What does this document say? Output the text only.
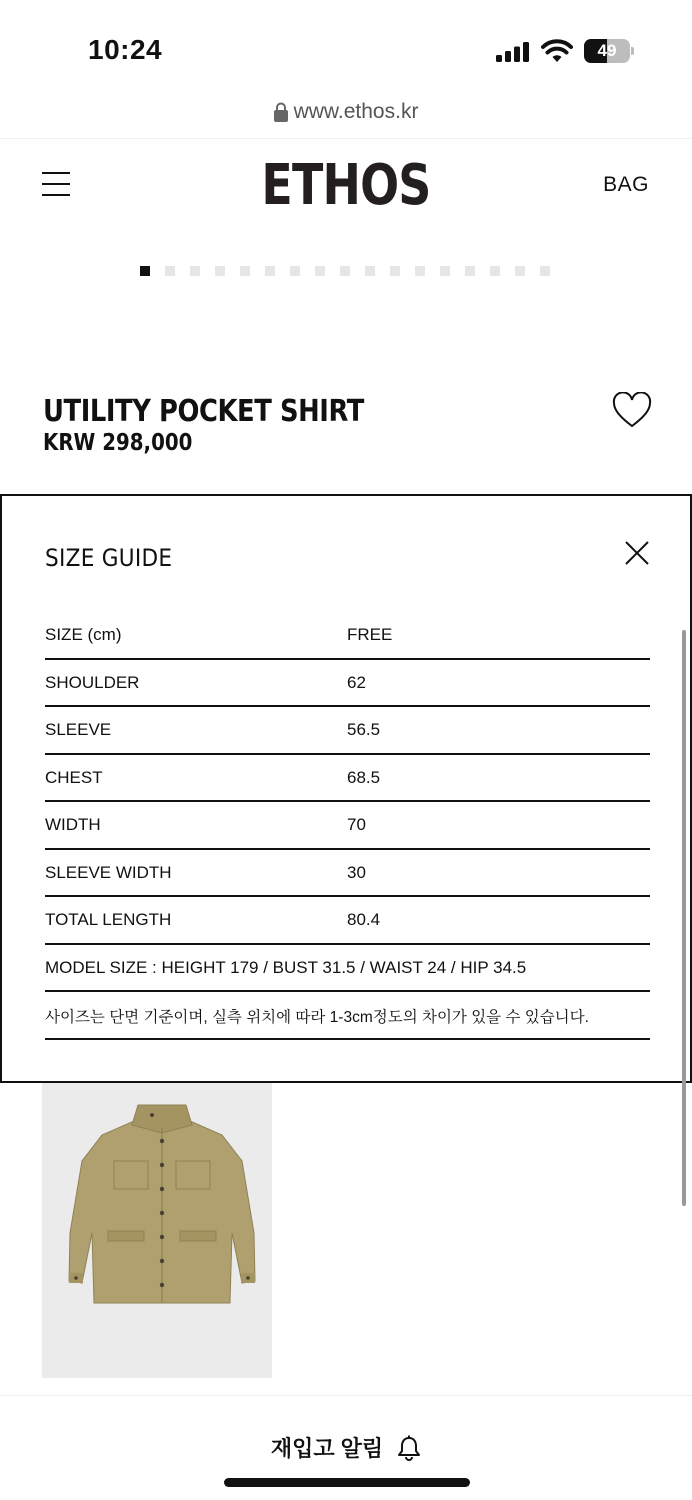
10:24	49
www.ethos.kr
ETHOS	BAG
UTILITY POCKET SHIRT
KRW 298,000
SIZE GUIDE
SIZE (cm)	FREE
SHOULDER	62
SLEEVE	56.5
CHEST	68.5
WIDTH	70
SLEEVE WIDTH	30
TOTAL LENGTH	80.4
MODEL SIZE : HEIGHT 179 / BUST 31.5 / WAIST 24 / HIP 34.5
사이즈는 단면 기준이며, 실측 위치에 따라 1-3cm정도의 차이가 있을 수 있습니다.
재입고 알림
